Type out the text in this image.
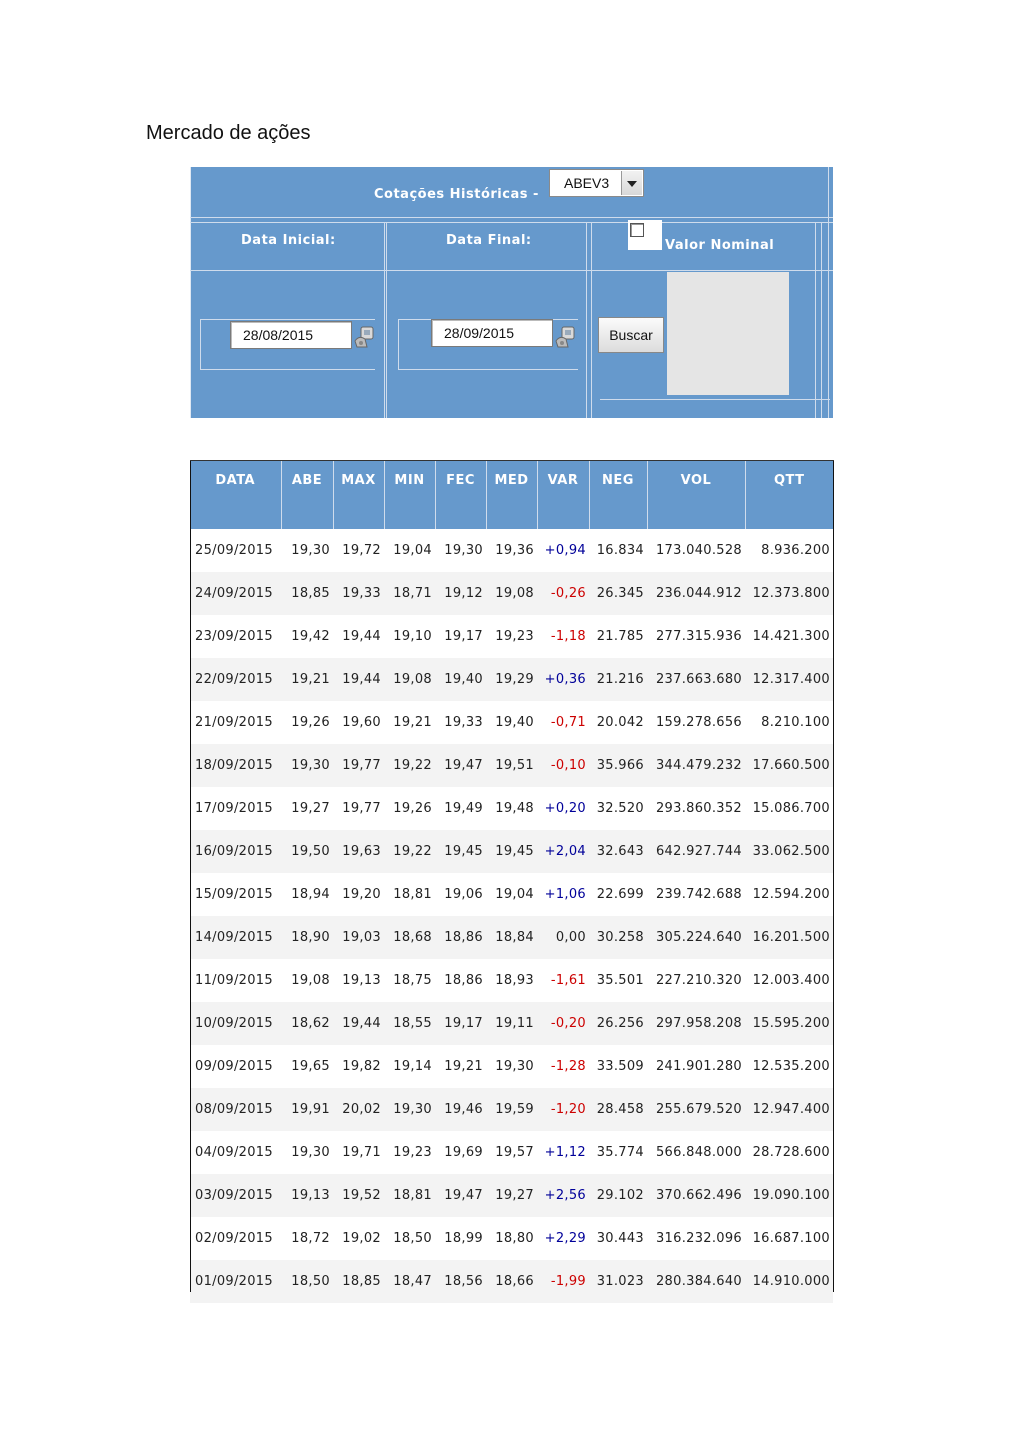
Mercado de ações
Cotações Históricas -
ABEV3
Data Inicial:	Data Final:	Valor Nominal
28/08/2015	28/09/2015	Buscar
DATA	ABE	MAX	MIN	FEC	MED	VAR	NEG	VOL	QTT
25/09/2015	19,30	19,72	19,04	19,30	19,36	+0,94	16.834	173.040.528	8.936.200
24/09/2015	18,85	19,33	18,71	19,12	19,08	-0,26	26.345	236.044.912	12.373.800
23/09/2015	19,42	19,44	19,10	19,17	19,23	-1,18	21.785	277.315.936	14.421.300
22/09/2015	19,21	19,44	19,08	19,40	19,29	+0,36	21.216	237.663.680	12.317.400
21/09/2015	19,26	19,60	19,21	19,33	19,40	-0,71	20.042	159.278.656	8.210.100
18/09/2015	19,30	19,77	19,22	19,47	19,51	-0,10	35.966	344.479.232	17.660.500
17/09/2015	19,27	19,77	19,26	19,49	19,48	+0,20	32.520	293.860.352	15.086.700
16/09/2015	19,50	19,63	19,22	19,45	19,45	+2,04	32.643	642.927.744	33.062.500
15/09/2015	18,94	19,20	18,81	19,06	19,04	+1,06	22.699	239.742.688	12.594.200
14/09/2015	18,90	19,03	18,68	18,86	18,84	0,00	30.258	305.224.640	16.201.500
11/09/2015	19,08	19,13	18,75	18,86	18,93	-1,61	35.501	227.210.320	12.003.400
10/09/2015	18,62	19,44	18,55	19,17	19,11	-0,20	26.256	297.958.208	15.595.200
09/09/2015	19,65	19,82	19,14	19,21	19,30	-1,28	33.509	241.901.280	12.535.200
08/09/2015	19,91	20,02	19,30	19,46	19,59	-1,20	28.458	255.679.520	12.947.400
04/09/2015	19,30	19,71	19,23	19,69	19,57	+1,12	35.774	566.848.000	28.728.600
03/09/2015	19,13	19,52	18,81	19,47	19,27	+2,56	29.102	370.662.496	19.090.100
02/09/2015	18,72	19,02	18,50	18,99	18,80	+2,29	30.443	316.232.096	16.687.100
01/09/2015	18,50	18,85	18,47	18,56	18,66	-1,99	31.023	280.384.640	14.910.000
